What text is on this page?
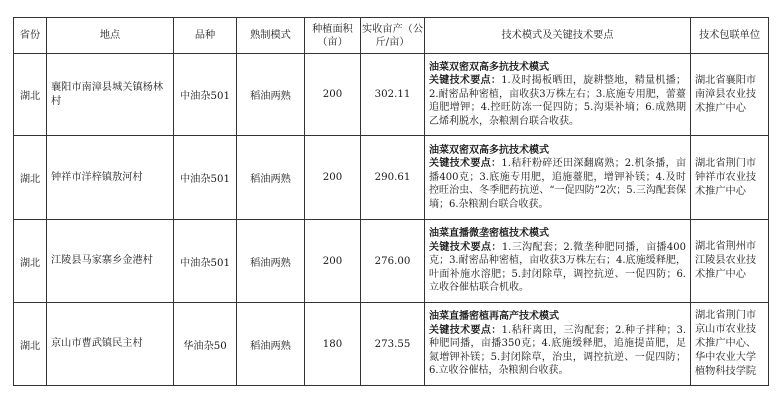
省份	地点	品种	熟制模式	种植面积（亩）	实收亩产（公斤/亩）	技术模式及关键技术要点	技术包联单位
湖北	襄阳市南漳县城关镇杨林村	中油杂501	稻油两熟	200	302.11	油菜双密双高多抗技术模式
关键技术要点：1.及时揭板晒田，旋耕整地，精量机播；2.耐密品种密植，亩收获3万株左右；3.底施专用肥，蕾薹追肥增钾；4.控旺防冻一促四防；5.沟渠补墒；6.成熟期乙烯利脱水，杂粮割台联合收获。	湖北省襄阳市南漳县农业技术推广中心
湖北	钟祥市洋梓镇敖河村	中油杂501	稻油两熟	200	290.61	油菜双密双高多抗技术模式
关键技术要点：1.秸秆粉碎还田深翻腐熟；2.机条播，亩播400克；3.底施专用肥，追施薹肥，增钾补镁；4.及时控旺治虫、冬季肥药抗逆、“一促四防”2次；5.三沟配套保墒；6.杂粮割台联合收获。	湖北省荆门市钟祥市农业技术推广中心
湖北	江陵县马家寨乡金港村	中油杂501	稻油两熟	200	276.00	油菜直播微垄密植技术模式
关键技术要点：1.三沟配套；2.微垄种肥同播，亩播400克；3.耐密品种密植，亩收获3万株左右；4.底施缓释肥，叶面补施水溶肥；5.封闭除草，调控抗逆、一促四防；6.立收谷催枯联合机收。	湖北省荆州市江陵县农业技术推广中心
湖北	京山市曹武镇民主村	华油杂50	稻油两熟	180	273.55	油菜直播密植再高产技术模式
关键技术要点：1.秸秆离田，三沟配套；2.种子拌种；3.种肥同播，亩播350克；4.底施缓释肥，追施提苗肥，足氮增钾补镁；5.封闭除草，治虫，调控抗逆、一促四防；6.立收谷催枯，杂粮割台收获。	湖北省荆门市京山市农业技术推广中心、华中农业大学植物科技学院
